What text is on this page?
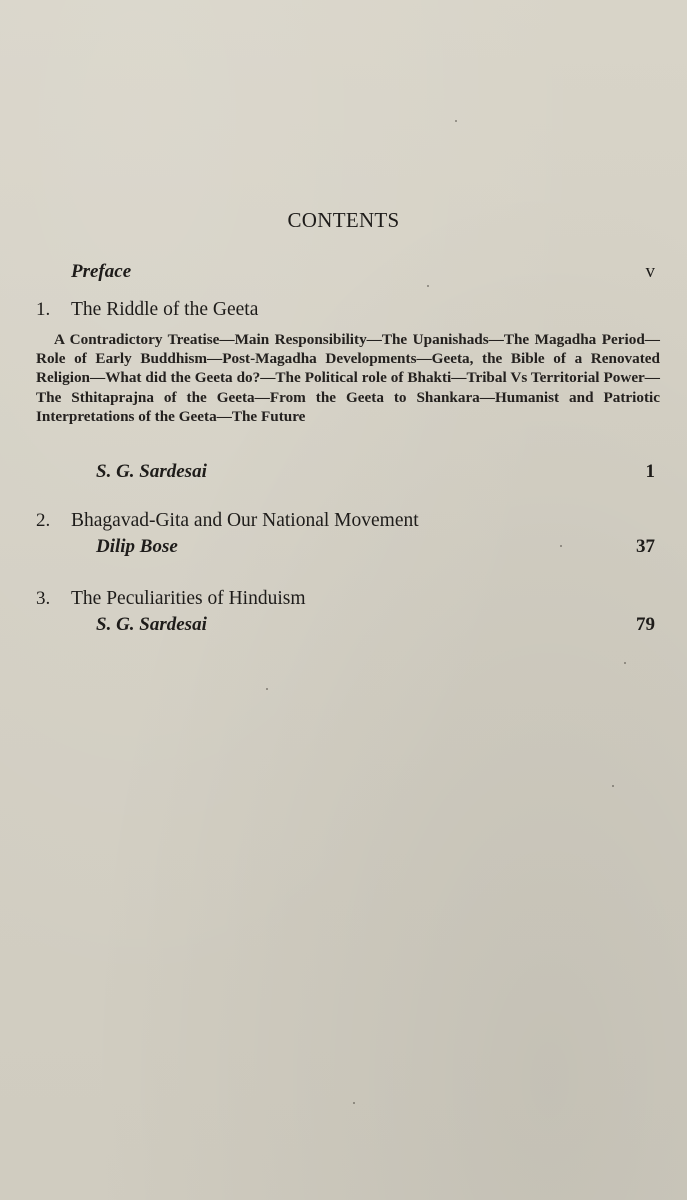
CONTENTS
Preface	v
1. The Riddle of the Geeta
A Contradictory Treatise—Main Responsibility—The Upanishads—The Magadha Period—Role of Early Buddhism—Post-Magadha Developments—Geeta, the Bible of a Renovated Religion—What did the Geeta do?—The Political role of Bhakti—Tribal Vs Territorial Power—The Sthitaprajna of the Geeta—From the Geeta to Shankara—Humanist and Patriotic Interpretations of the Geeta—The Future
S. G. Sardesai	1
2. Bhagavad-Gita and Our National Movement
Dilip Bose	37
3. The Peculiarities of Hinduism
S. G. Sardesai	79
